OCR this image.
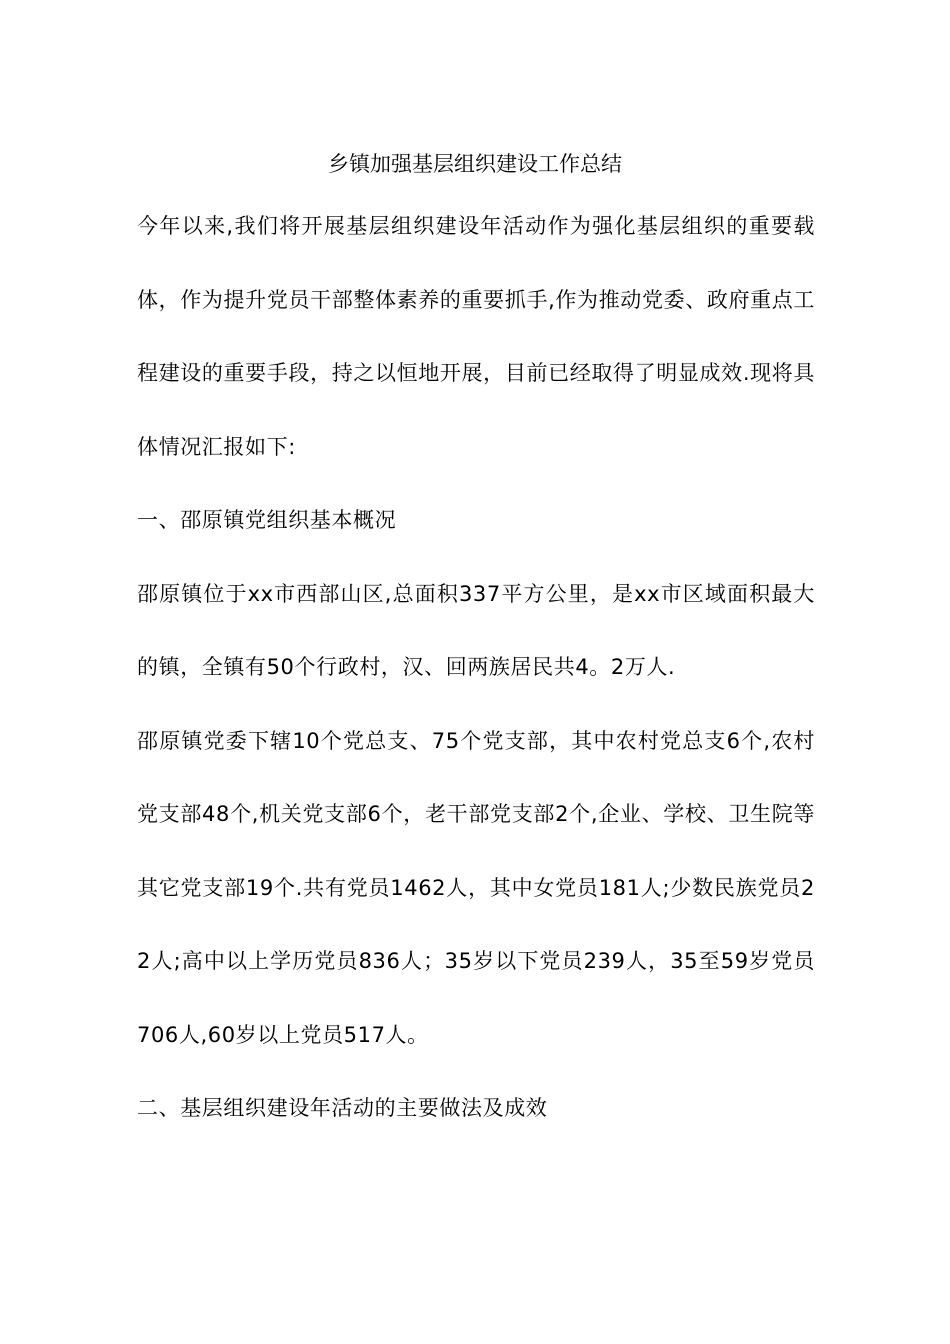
乡镇加强基层组织建设工作总结

今年以来,我们将开展基层组织建设年活动作为强化基层组织的重要载体，作为提升党员干部整体素养的重要抓手,作为推动党委、政府重点工程建设的重要手段，持之以恒地开展，目前已经取得了明显成效.现将具体情况汇报如下:

一、邵原镇党组织基本概况

邵原镇位于xx市西部山区,总面积337平方公里，是xx市区域面积最大的镇，全镇有50个行政村，汉、回两族居民共4。2万人.

邵原镇党委下辖10个党总支、75个党支部，其中农村党总支6个,农村党支部48个,机关党支部6个，老干部党支部2个,企业、学校、卫生院等其它党支部19个.共有党员1462人，其中女党员181人;少数民族党员22人;高中以上学历党员836人；35岁以下党员239人，35至59岁党员706人,60岁以上党员517人。

二、基层组织建设年活动的主要做法及成效
